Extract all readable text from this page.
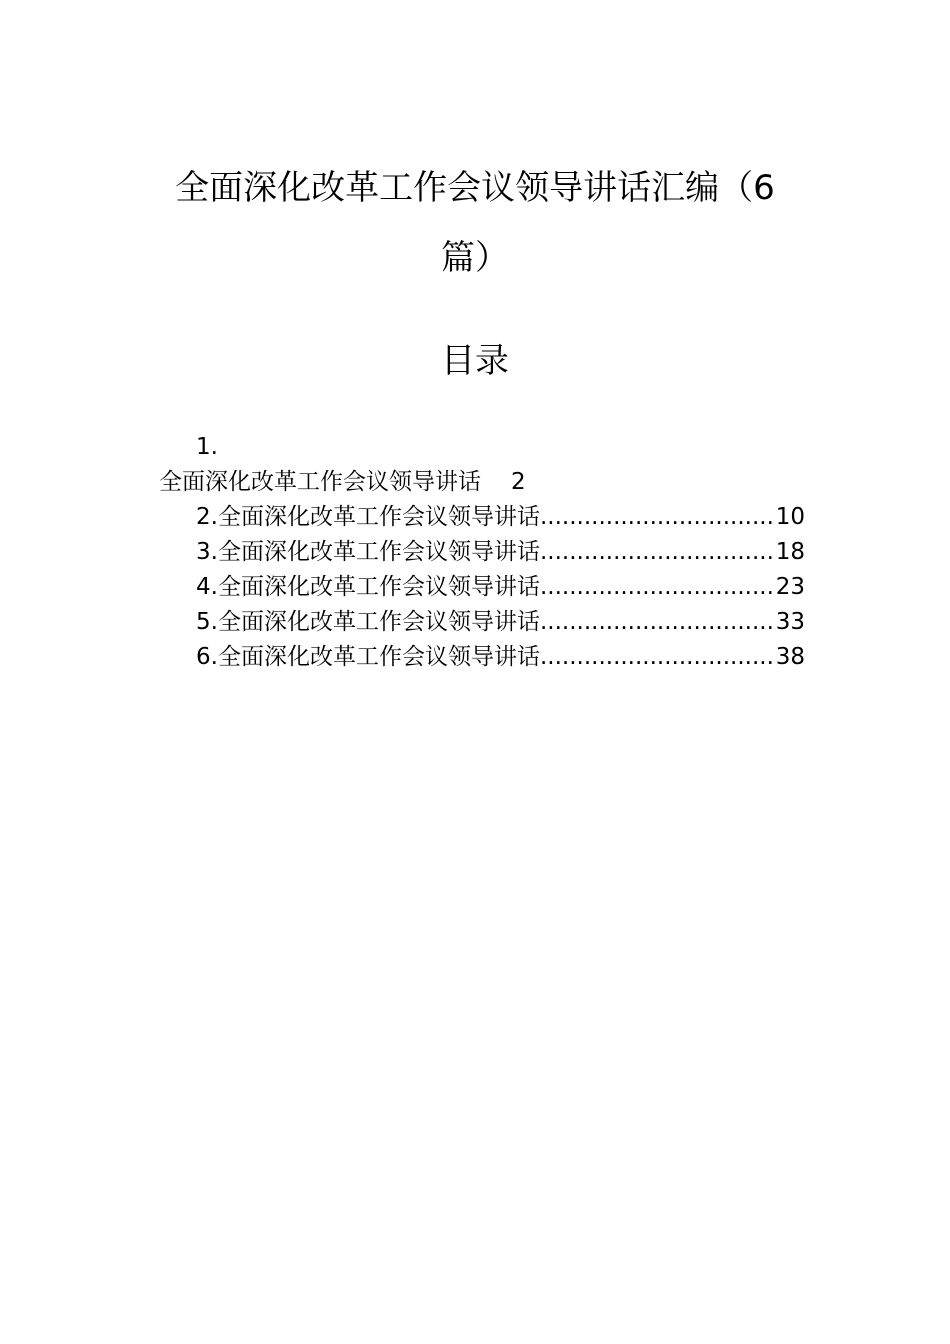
全面深化改革工作会议领导讲话汇编（6
篇）
目录
1.
全面深化改革工作会议领导讲话 2
2.全面深化改革工作会议领导讲话 .....	10
3.全面深化改革工作会议领导讲话 .....	18
4.全面深化改革工作会议领导讲话 .....	23
5.全面深化改革工作会议领导讲话 .....	33
6.全面深化改革工作会议领导讲话 .....	38
